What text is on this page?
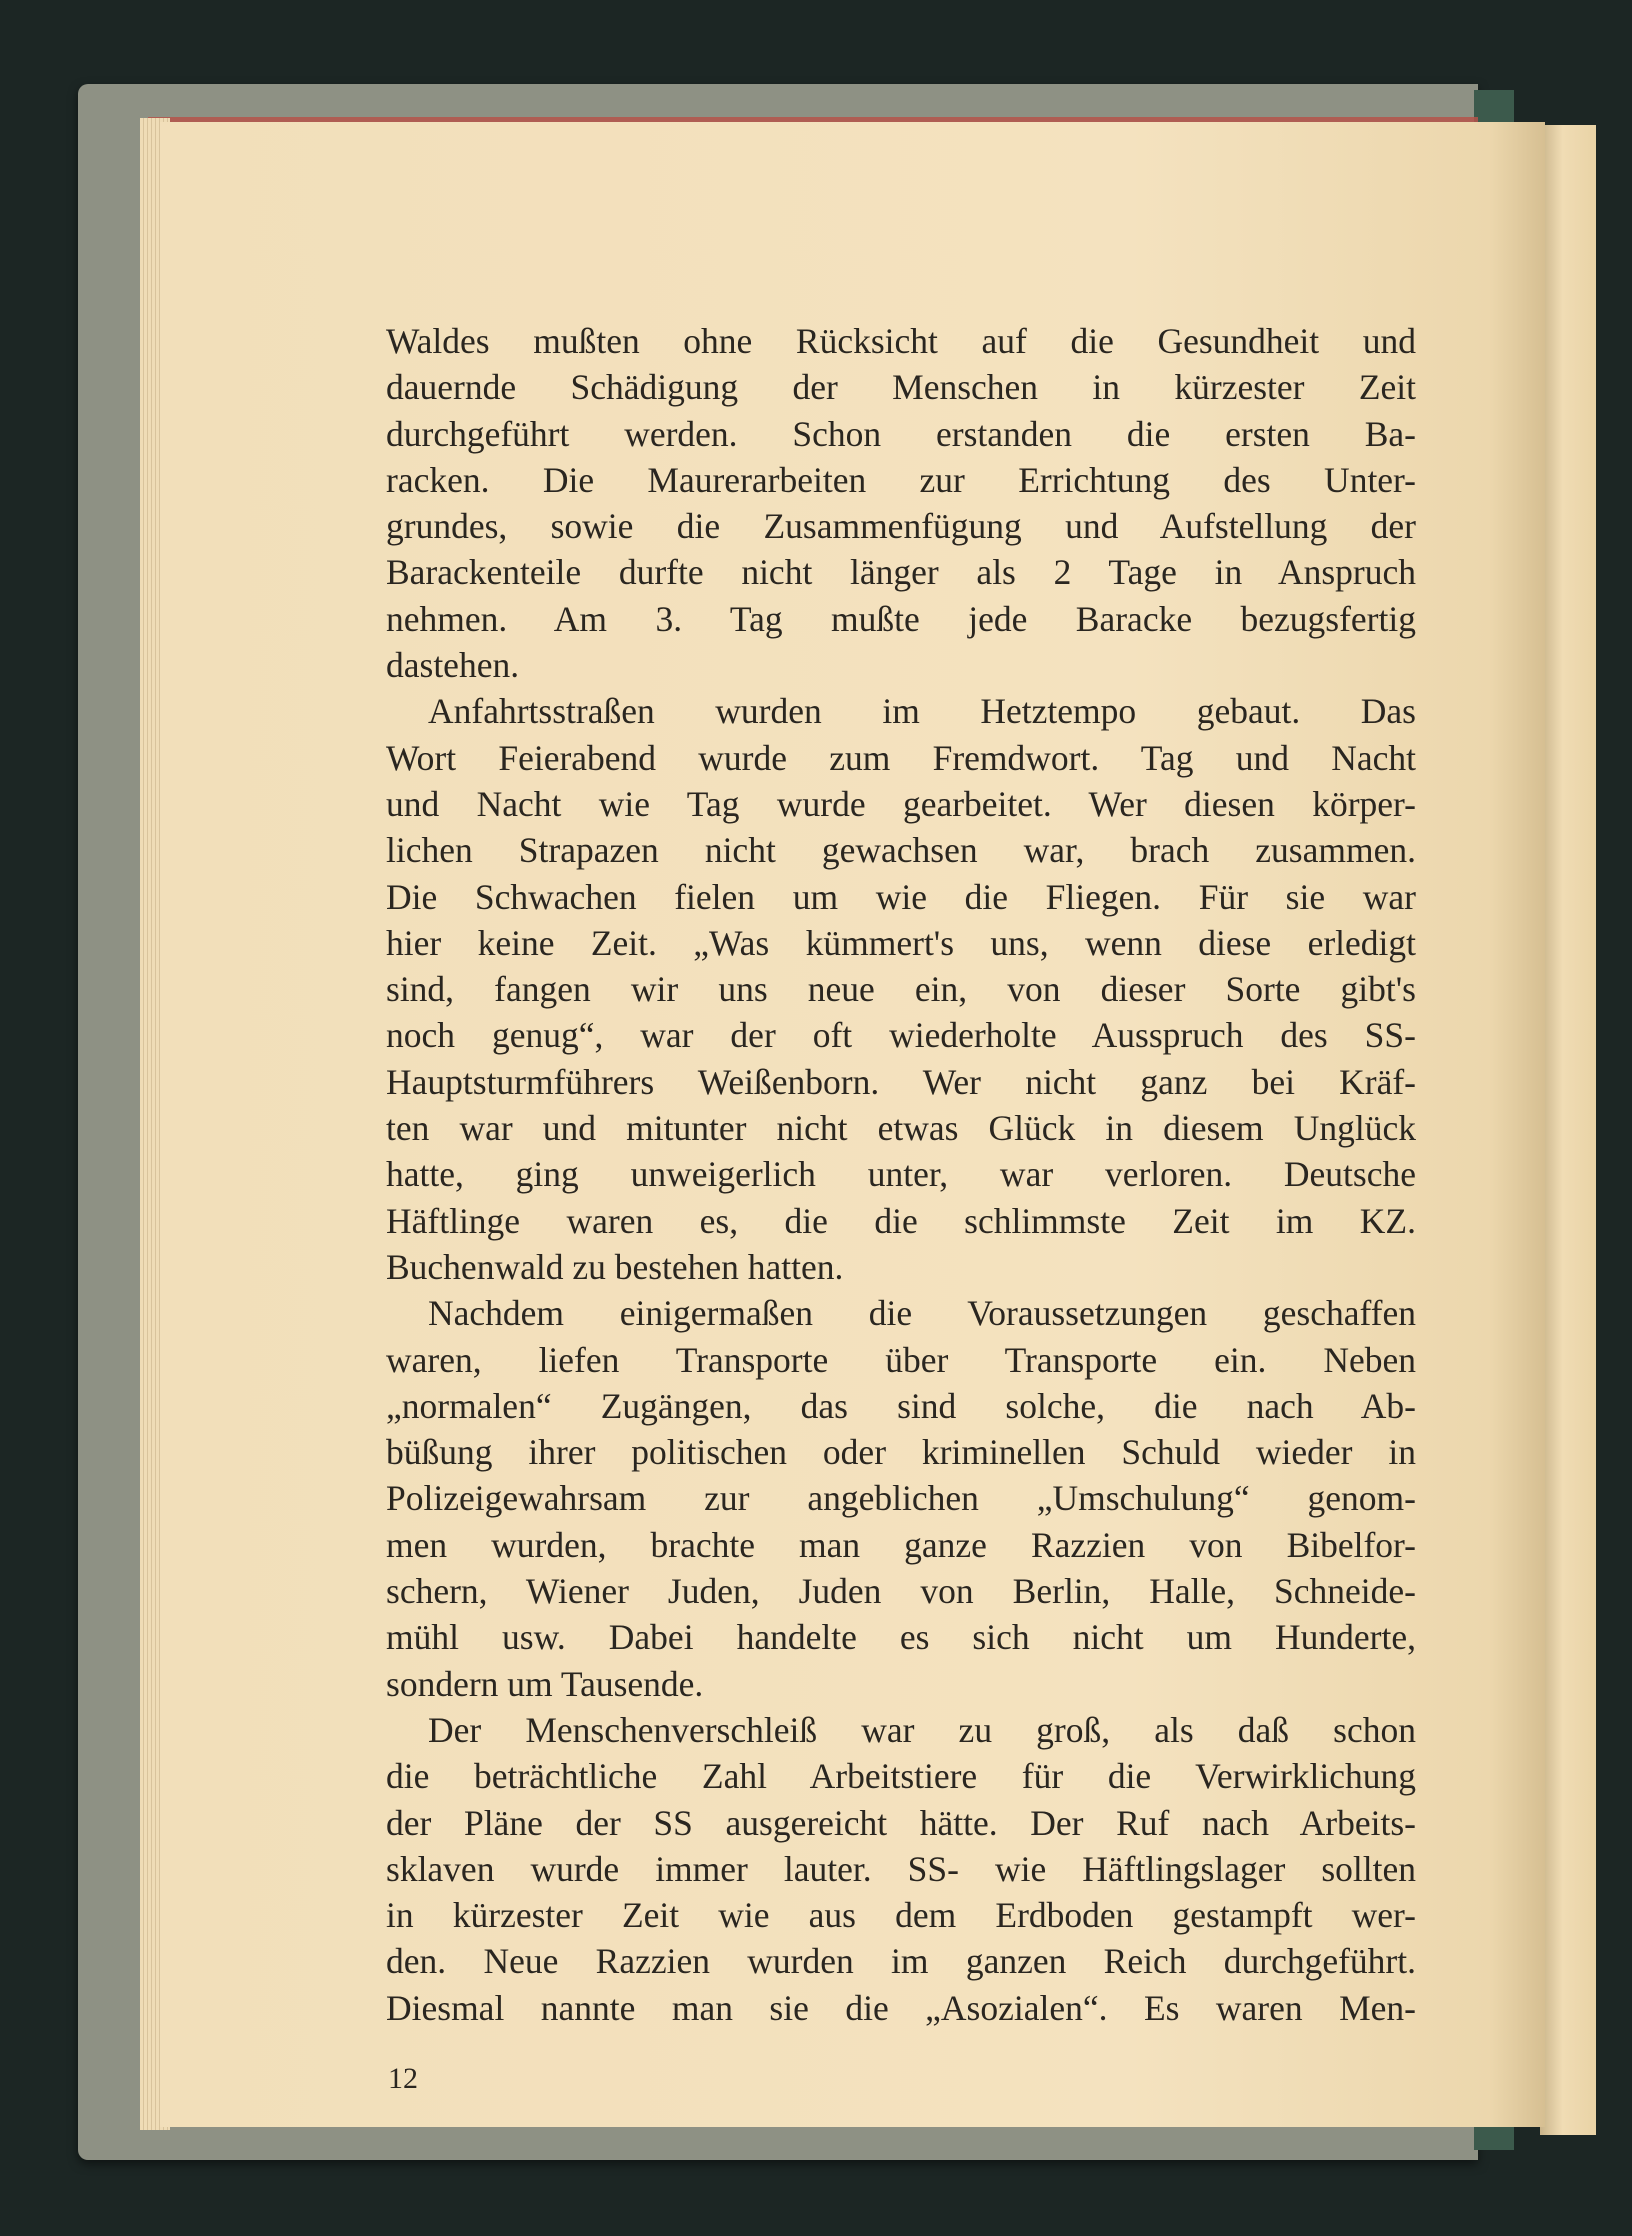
Waldes mußten ohne Rücksicht auf die Gesundheit und
dauernde Schädigung der Menschen in kürzester Zeit
durchgeführt werden. Schon erstanden die ersten Ba-
racken. Die Maurerarbeiten zur Errichtung des Unter-
grundes, sowie die Zusammenfügung und Aufstellung der
Barackenteile durfte nicht länger als 2 Tage in Anspruch
nehmen. Am 3. Tag mußte jede Baracke bezugsfertig
dastehen.
Anfahrtsstraßen wurden im Hetztempo gebaut. Das
Wort Feierabend wurde zum Fremdwort. Tag und Nacht
und Nacht wie Tag wurde gearbeitet. Wer diesen körper-
lichen Strapazen nicht gewachsen war, brach zusammen.
Die Schwachen fielen um wie die Fliegen. Für sie war
hier keine Zeit. „Was kümmert's uns, wenn diese erledigt
sind, fangen wir uns neue ein, von dieser Sorte gibt's
noch genug“, war der oft wiederholte Ausspruch des SS-
Hauptsturmführers Weißenborn. Wer nicht ganz bei Kräf-
ten war und mitunter nicht etwas Glück in diesem Unglück
hatte, ging unweigerlich unter, war verloren. Deutsche
Häftlinge waren es, die die schlimmste Zeit im KZ.
Buchenwald zu bestehen hatten.
Nachdem einigermaßen die Voraussetzungen geschaffen
waren, liefen Transporte über Transporte ein. Neben
„normalen“ Zugängen, das sind solche, die nach Ab-
büßung ihrer politischen oder kriminellen Schuld wieder in
Polizeigewahrsam zur angeblichen „Umschulung“ genom-
men wurden, brachte man ganze Razzien von Bibelfor-
schern, Wiener Juden, Juden von Berlin, Halle, Schneide-
mühl usw. Dabei handelte es sich nicht um Hunderte,
sondern um Tausende.
Der Menschenverschleiß war zu groß, als daß schon
die beträchtliche Zahl Arbeitstiere für die Verwirklichung
der Pläne der SS ausgereicht hätte. Der Ruf nach Arbeits-
sklaven wurde immer lauter. SS- wie Häftlingslager sollten
in kürzester Zeit wie aus dem Erdboden gestampft wer-
den. Neue Razzien wurden im ganzen Reich durchgeführt.
Diesmal nannte man sie die „Asozialen“. Es waren Men-
12
